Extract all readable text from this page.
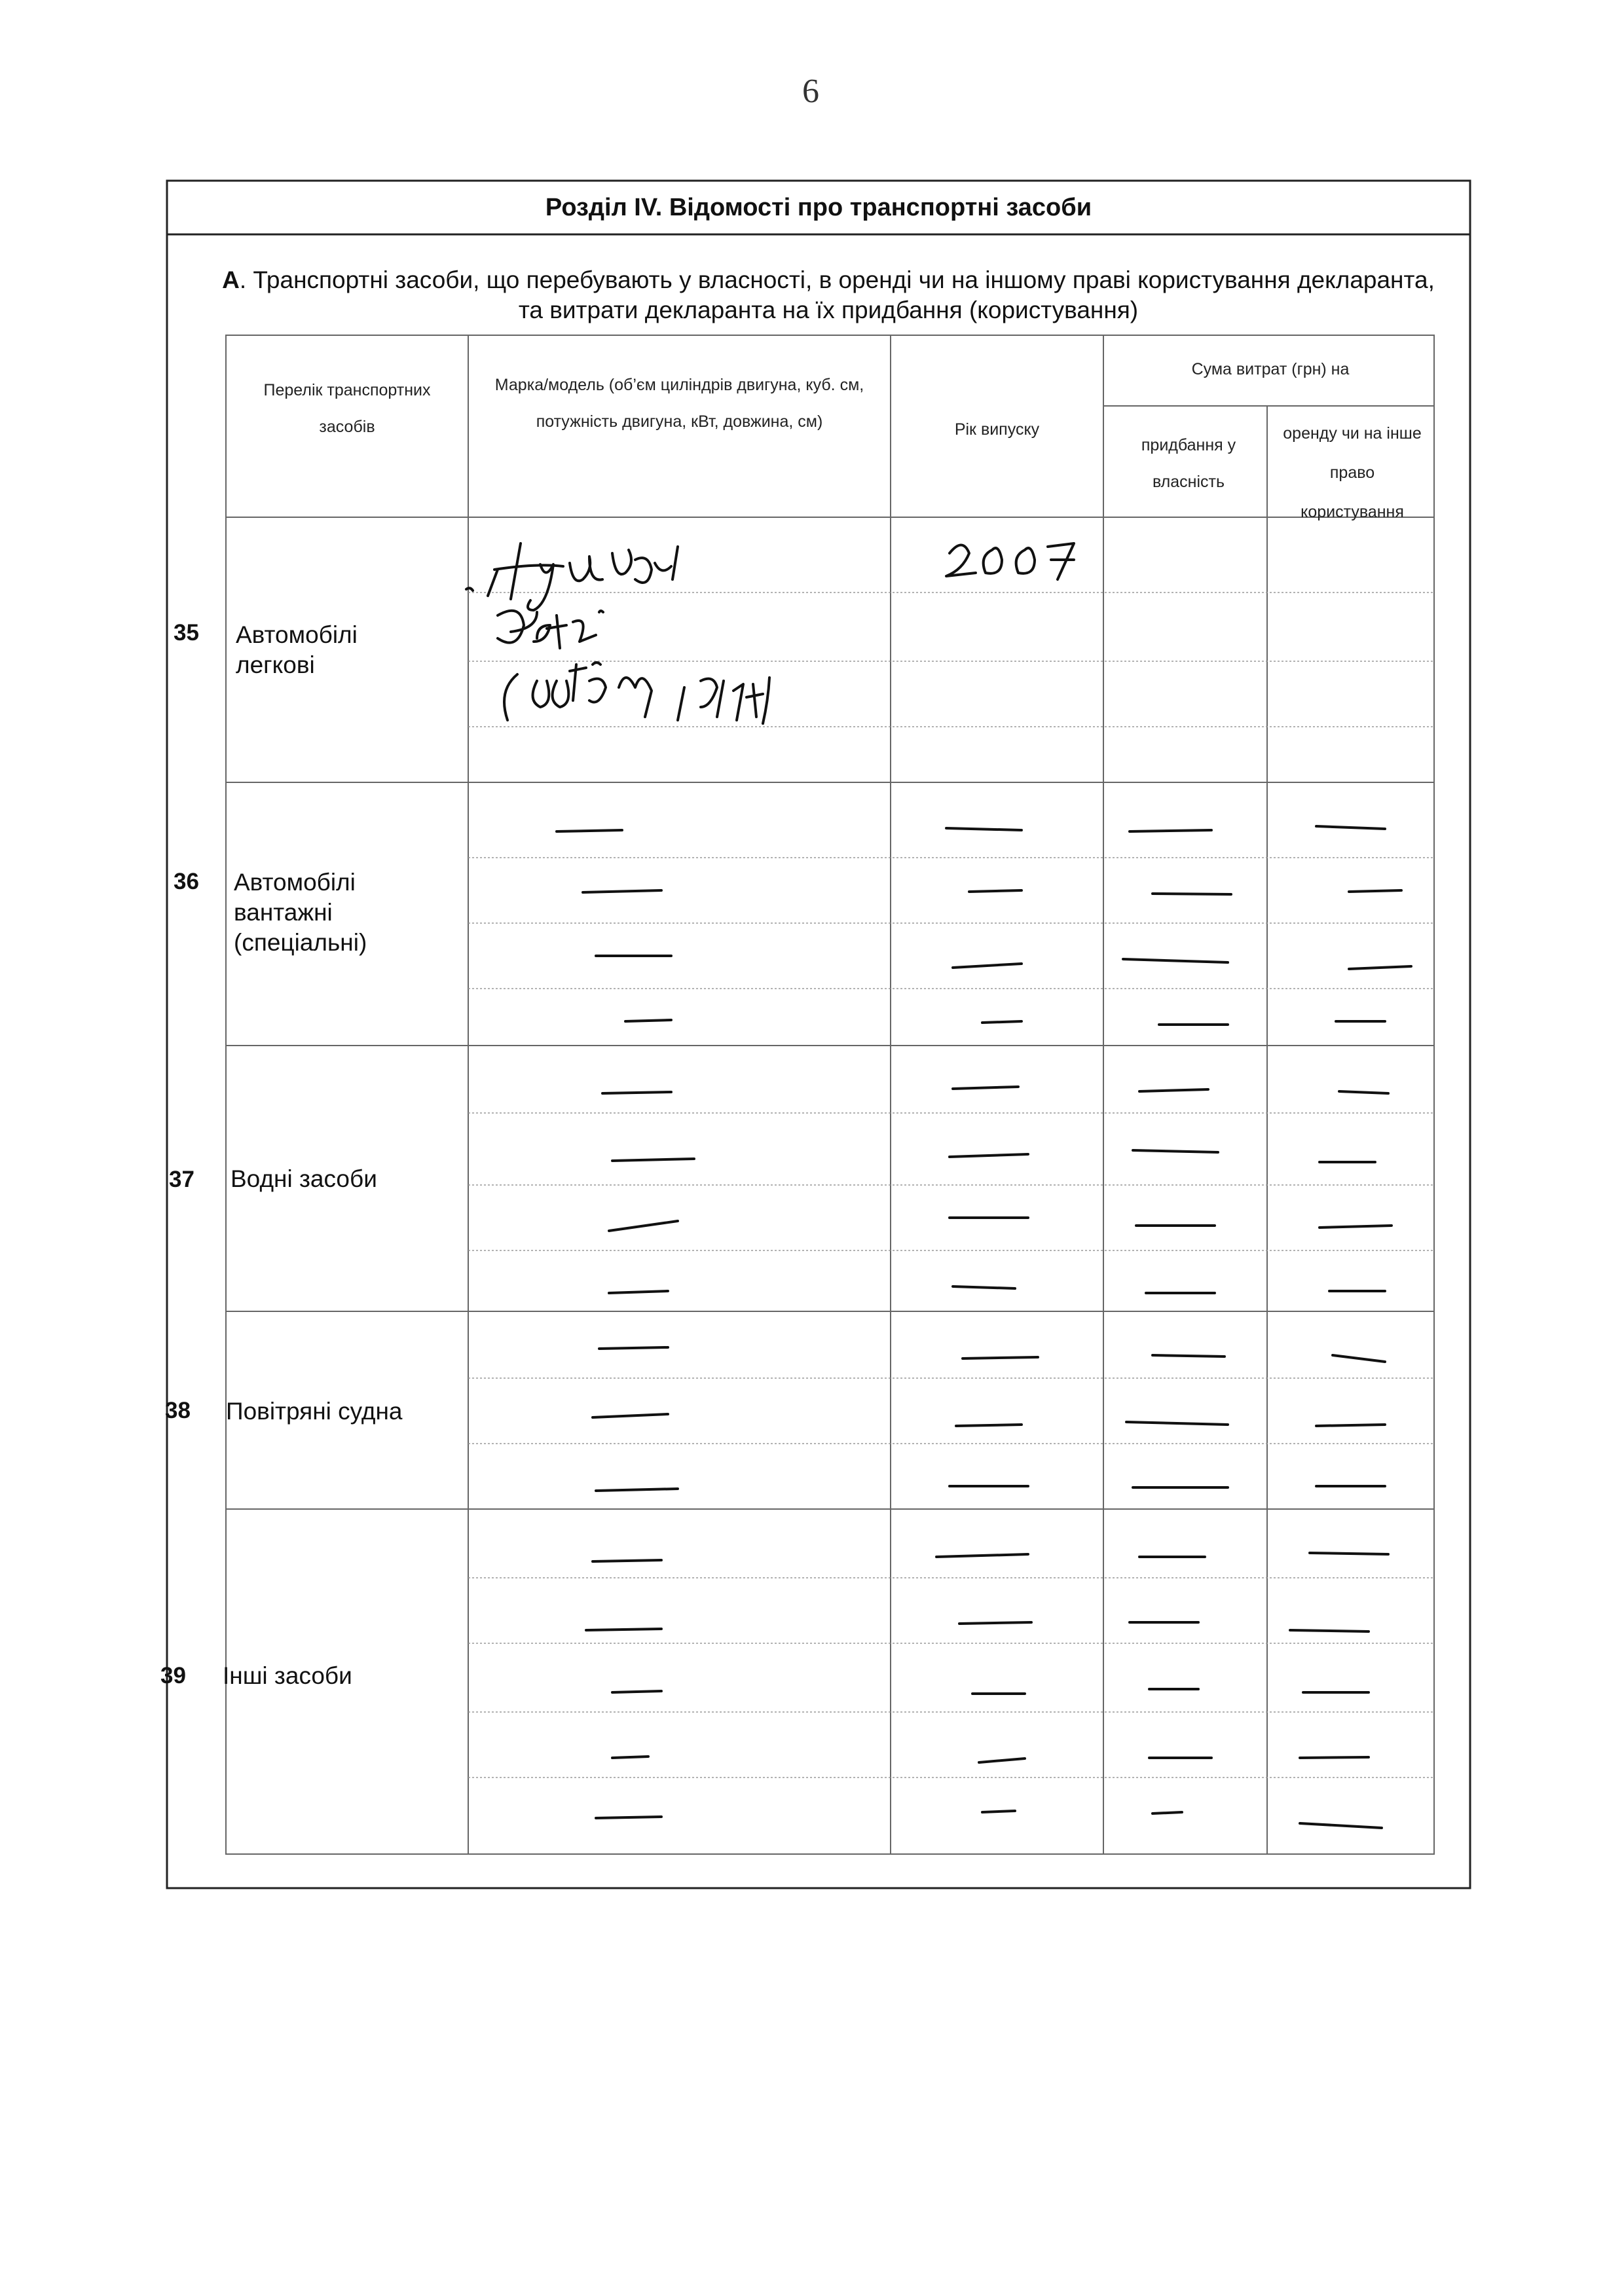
6
Розділ IV. Відомості про транспортні засоби
А. Транспортні засоби, що перебувають у власності, в оренді чи на іншому праві користування декларанта, та витрати декларанта на їх придбання (користування)
Перелік транспортних засобів
Марка/модель (об’єм циліндрів двигуна, куб. см, потужність двигуна, кВт, довжина, см)	Рік випуску
Сума витрат (грн) на
придбання у власність
оренду чи на інше право користування
35
36
37
38
39
Автомобілі легкові
Автомобілі вантажні (спеціальні)
Водні засоби
Повітряні судна
Інші засоби
„Hyundai Getz” (обʼєм 1399)
2007
